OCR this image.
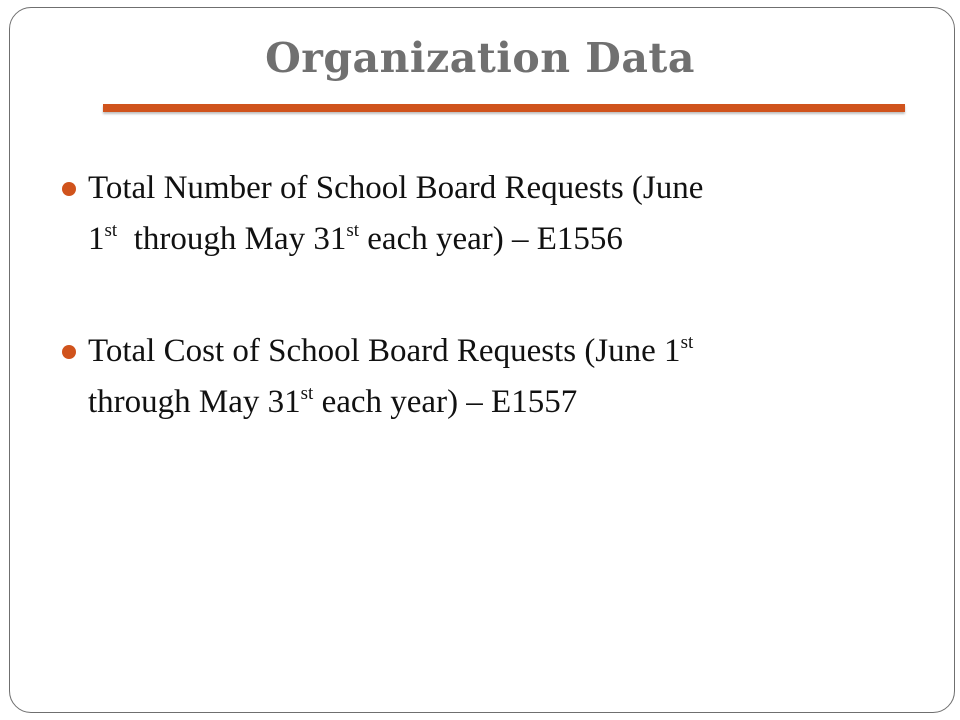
Organization Data
Total Number of School Board Requests (June
1st  through May 31st each year) – E1556
Total Cost of School Board Requests (June 1st
through May 31st each year) – E1557
